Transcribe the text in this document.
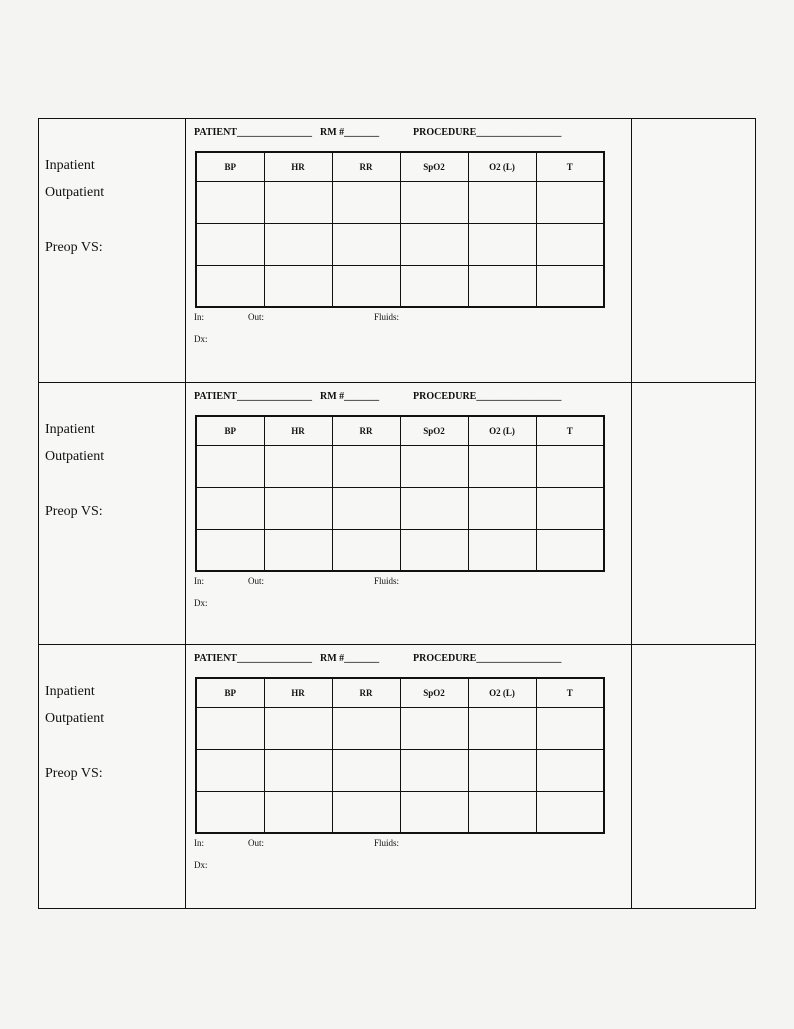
Inpatient
Outpatient
Preop VS:
PATIENT_______________ RM #_______	PROCEDURE_________________
BP	HR	RR	SpO2	O2 (L)	T

In:	Out:	Fluids:
Dx:
Inpatient
Outpatient
Preop VS:
PATIENT_______________ RM #_______	PROCEDURE_________________
BP	HR	RR	SpO2	O2 (L)	T

In:	Out:	Fluids:
Dx:
Inpatient
Outpatient
Preop VS:
PATIENT_______________ RM #_______	PROCEDURE_________________
BP	HR	RR	SpO2	O2 (L)	T

In:	Out:	Fluids:
Dx:
